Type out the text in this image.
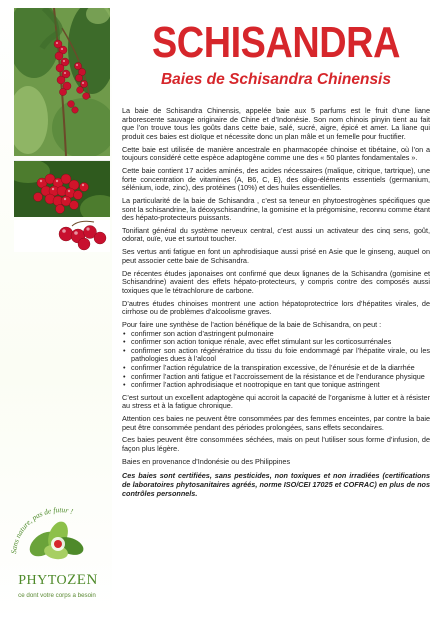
Sans nature, pas de futur !
PHYTOZEN
ce dont votre corps a besoin
SCHISANDRA
Baies de Schisandra Chinensis

La baie de Schisandra Chinensis, appelée baie aux 5 parfums est le fruit d’une liane arborescente sauvage originaire de Chine et d’Indonésie. Son nom chinois pinyin tient au fait que l’on trouve tous les goûts dans cette baie, salé, sucré, aigre, épicé et amer. La liane qui produit ces baies est dioïque et nécessite donc un plan mâle et un femelle pour fructifier.

Cette baie est utilisée de manière ancestrale en pharmacopée chinoise et tibétaine, où l’on a toujours considéré cette espèce adaptogène comme une des « 50 plantes fondamentales ».

Cette baie contient 17 acides aminés, des acides nécessaires (malique, citrique, tartrique), une forte concentration de vitamines (A, B6, C, E), des oligo-éléments essentiels (germanium, sélénium, iode, zinc), des protéines (10%) et des huiles essentielles.

La particularité de la baie de Schisandra , c’est sa teneur en phytoestrogènes spécifiques que sont la schisandrine, la déoxyschisandrine, la gomisine et la prégomisine, reconnu comme étant des hépato-protecteurs puissants.

Tonifiant général du système nerveux central, c’est aussi un activateur des cinq sens, goût, odorat, ouïe, vue et surtout toucher.

Ses vertus anti fatigue en font un aphrodisiaque aussi prisé en Asie que le ginseng, auquel on peut associer cette baie de Schisandra.

De récentes études japonaises ont confirmé que deux lignanes de la Schisandra (gomisine et Schisandrine) avaient des effets hépato-protecteurs, y compris contre des composés aussi toxiques que le tétrachlorure de carbone.

D’autres études chinoises montrent une action hépatoprotectrice lors d’hépatites virales, de cirrhose ou de problèmes d’alcoolisme graves.

Pour faire une synthèse de l’action bénéfique de la baie de Schisandra, on peut :
• confirmer son action d’astringent pulmonaire
• confirmer son action tonique rénale, avec effet stimulant sur les corticosurrénales
• confirmer son action régénératrice du tissu du foie endommagé par l’hépatite virale, ou les pathologies dues à l’alcool
• confirmer l’action régulatrice de la transpiration excessive, de l’énurésie et de la diarrhée
• confirmer l’action anti fatigue et l’accroissement de la résistance et de l’endurance physique
• confirmer l’action aphrodisiaque et nootropique en tant que tonique astringent

C’est surtout un excellent adaptogène qui accroit la capacité de l’organisme à lutter et à résister au stress et à la fatigue chronique.

Attention ces baies ne peuvent être consommées par des femmes enceintes, par contre la baie peut être consommée pendant des périodes prolongées, sans effets secondaires.

Ces baies peuvent être consommées séchées, mais on peut l’utiliser sous forme d’infusion, de façon plus légère.

Baies en provenance d’Indonésie ou des Philippines

Ces baies sont certifiées, sans pesticides, non toxiques et non irradiées (certifications de laboratoires phytosanitaires agréés, norme ISO/CEI 17025 et COFRAC) en plus de nos contrôles personnels.
